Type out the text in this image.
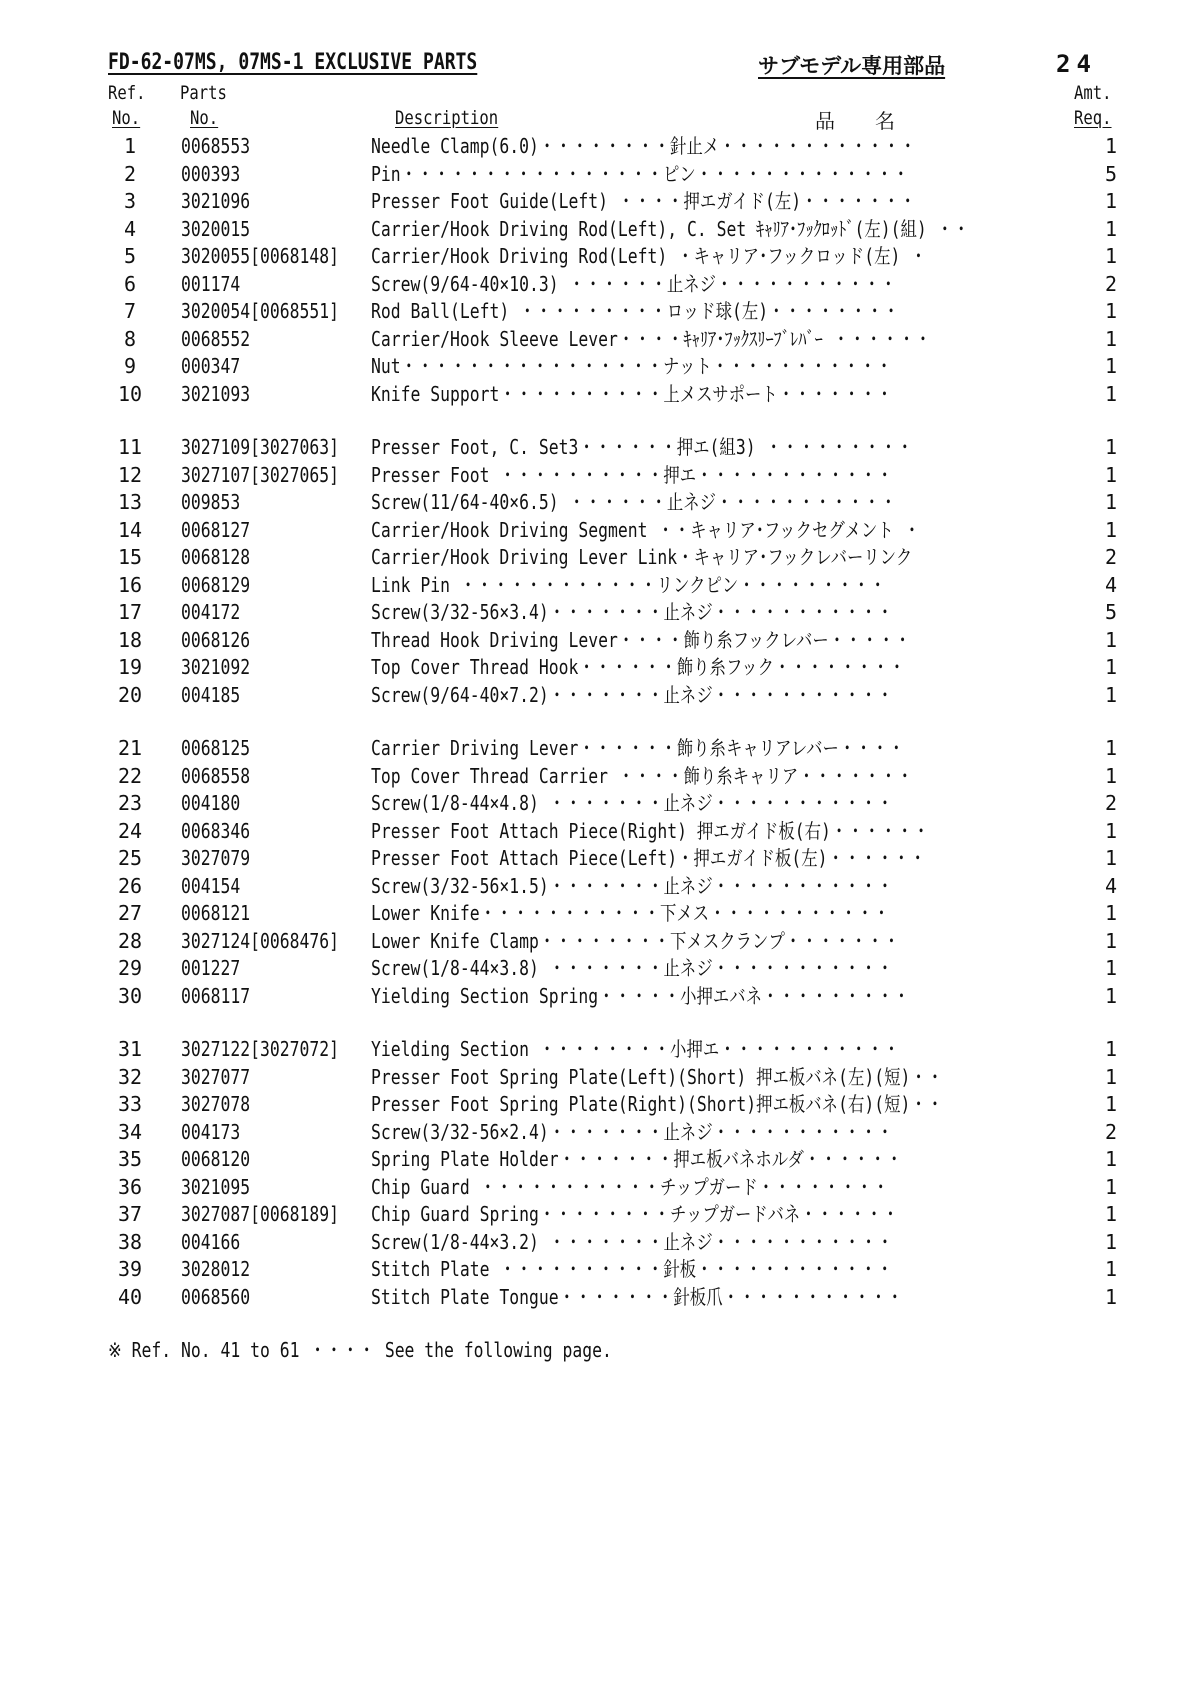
FD-62-07MS, 07MS-1 EXCLUSIVE PARTS	サブモデル専用部品	24
Ref.
No.
Parts
No.	Description	品　　名
Amt.
Req.
1	0068553	Needle Clamp(6.0)・・・・・・・・針止メ・・・・・・・・・・・・	1
2	000393	Pin・・・・・・・・・・・・・・・・ピン・・・・・・・・・・・・・	5
3	3021096	Presser Foot Guide(Left) ・・・・押エガイド(左)・・・・・・・	1
4	3020015	Carrier/Hook Driving Rod(Left), C. Set ｷｬﾘｱ･ﾌｯｸﾛｯﾄﾞ(左)(組) ・・	1
5	3020055[0068148] Carrier/Hook Driving Rod(Left) ・キャリア･フックロッド(左) ・	1
6	001174	Screw(9/64-40×10.3) ・・・・・・止ネジ・・・・・・・・・・・	2
7	3020054[0068551] Rod Ball(Left) ・・・・・・・・・ロッド球(左)・・・・・・・・	1
8	0068552	Carrier/Hook Sleeve Lever・・・・ｷｬﾘｱ･ﾌｯｸｽﾘｰﾌﾞﾚﾊﾞｰ ・・・・・・	1
9	000347	Nut・・・・・・・・・・・・・・・・ナット・・・・・・・・・・・	1
10	3021093	Knife Support・・・・・・・・・・上メスサポート・・・・・・・	1
11	3027109[3027063] Presser Foot, C. Set3・・・・・・押エ(組3) ・・・・・・・・・	1
12	3027107[3027065] Presser Foot ・・・・・・・・・・押エ・・・・・・・・・・・・	1
13	009853	Screw(11/64-40×6.5) ・・・・・・止ネジ・・・・・・・・・・・	1
14	0068127	Carrier/Hook Driving Segment ・・キャリア･フックセグメント ・	1
15	0068128	Carrier/Hook Driving Lever Link・キャリア･フックレバーリンク	2
16	0068129	Link Pin ・・・・・・・・・・・・リンクピン・・・・・・・・・	4
17	004172	Screw(3/32-56×3.4)・・・・・・・止ネジ・・・・・・・・・・・	5
18	0068126	Thread Hook Driving Lever・・・・飾り糸フックレバー・・・・・	1
19	3021092	Top Cover Thread Hook・・・・・・飾り糸フック・・・・・・・・	1
20	004185	Screw(9/64-40×7.2)・・・・・・・止ネジ・・・・・・・・・・・	1
21	0068125	Carrier Driving Lever・・・・・・飾り糸キャリアレバー・・・・	1
22	0068558	Top Cover Thread Carrier ・・・・飾り糸キャリア・・・・・・・	1
23	004180	Screw(1/8-44×4.8) ・・・・・・・止ネジ・・・・・・・・・・・	2
24	0068346	Presser Foot Attach Piece(Right) 押エガイド板(右)・・・・・・	1
25	3027079	Presser Foot Attach Piece(Left)・押エガイド板(左)・・・・・・	1
26	004154	Screw(3/32-56×1.5)・・・・・・・止ネジ・・・・・・・・・・・	4
27	0068121	Lower Knife・・・・・・・・・・・下メス・・・・・・・・・・・	1
28	3027124[0068476] Lower Knife Clamp・・・・・・・・下メスクランプ・・・・・・・	1
29	001227	Screw(1/8-44×3.8) ・・・・・・・止ネジ・・・・・・・・・・・	1
30	0068117	Yielding Section Spring・・・・・小押エバネ・・・・・・・・・	1
31	3027122[3027072] Yielding Section ・・・・・・・・小押エ・・・・・・・・・・・	1
32	3027077	Presser Foot Spring Plate(Left)(Short) 押エ板バネ(左)(短)・・	1
33	3027078	Presser Foot Spring Plate(Right)(Short)押エ板バネ(右)(短)・・	1
34	004173	Screw(3/32-56×2.4)・・・・・・・止ネジ・・・・・・・・・・・	2
35	0068120	Spring Plate Holder・・・・・・・押エ板バネホルダ・・・・・・	1
36	3021095	Chip Guard ・・・・・・・・・・・チップガード・・・・・・・・	1
37	3027087[0068189] Chip Guard Spring・・・・・・・・チップガードバネ・・・・・・	1
38	004166	Screw(1/8-44×3.2) ・・・・・・・止ネジ・・・・・・・・・・・	1
39	3028012	Stitch Plate ・・・・・・・・・・針板・・・・・・・・・・・・	1
40	0068560	Stitch Plate Tongue・・・・・・・針板爪・・・・・・・・・・・	1
※ Ref. No. 41 to 61 ・・・・ See the following page.
